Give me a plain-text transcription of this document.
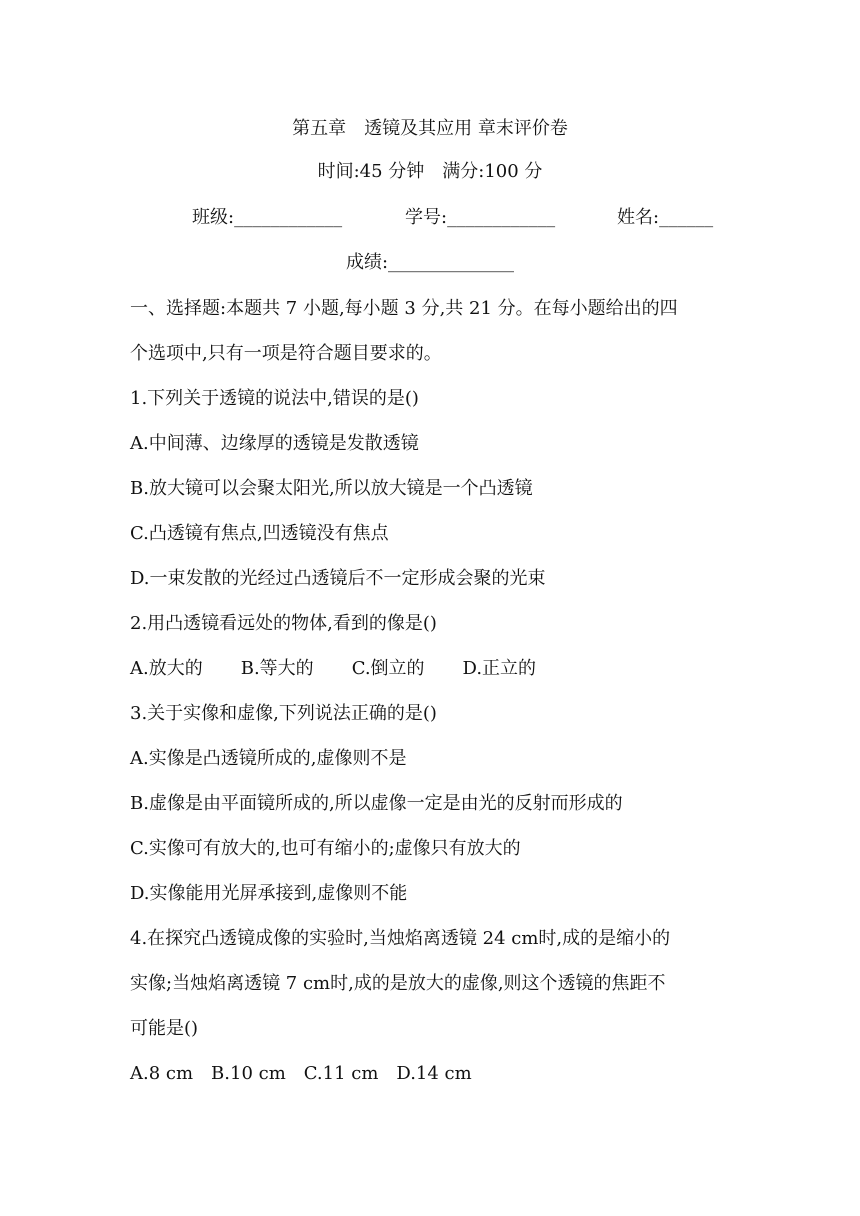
第五章　透镜及其应用 章末评价卷
时间:45 分钟　满分:100 分
班级:____________	学号:____________	姓名:______
成绩:______________
一、选择题:本题共 7 小题,每小题 3 分,共 21 分。在每小题给出的四
个选项中,只有一项是符合题目要求的。
1.下列关于透镜的说法中,错误的是()
A.中间薄、边缘厚的透镜是发散透镜
B.放大镜可以会聚太阳光,所以放大镜是一个凸透镜
C.凸透镜有焦点,凹透镜没有焦点
D.一束发散的光经过凸透镜后不一定形成会聚的光束
2.用凸透镜看远处的物体,看到的像是()
A.放大的 B.等大的 C.倒立的 D.正立的
3.关于实像和虚像,下列说法正确的是()
A.实像是凸透镜所成的,虚像则不是
B.虚像是由平面镜所成的,所以虚像一定是由光的反射而形成的
C.实像可有放大的,也可有缩小的;虚像只有放大的
D.实像能用光屏承接到,虚像则不能
4.在探究凸透镜成像的实验时,当烛焰离透镜 24 cm时,成的是缩小的
实像;当烛焰离透镜 7 cm时,成的是放大的虚像,则这个透镜的焦距不
可能是()
A.8 cm B.10 cm C.11 cm D.14 cm
